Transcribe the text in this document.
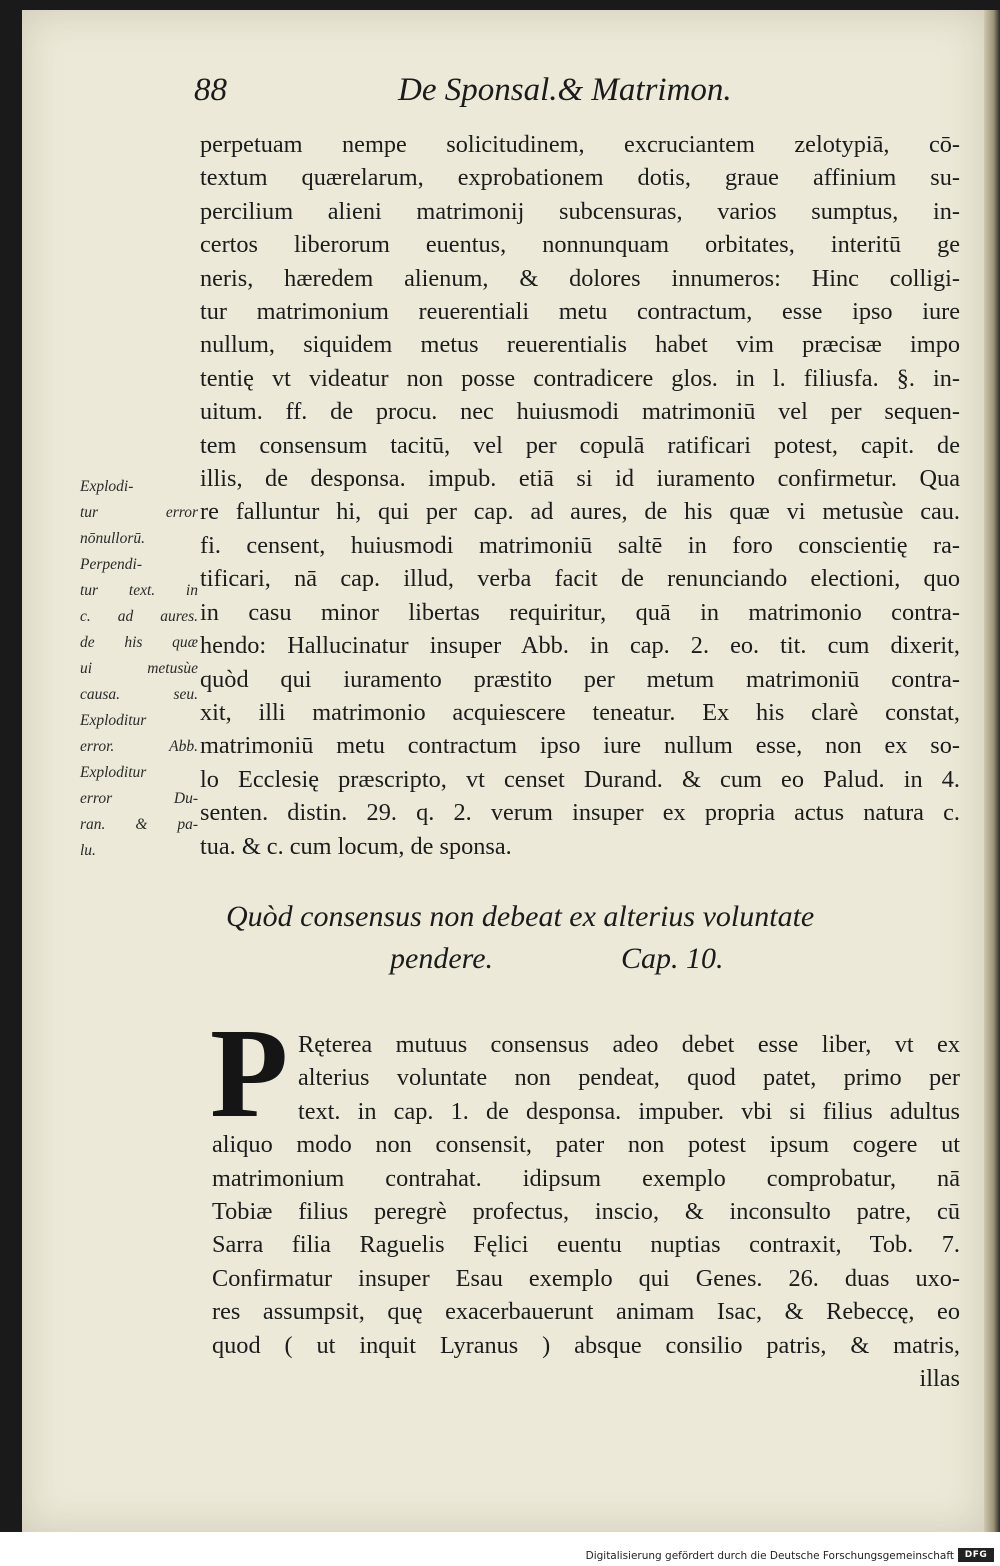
88	De Sponsal.& Matrimon.
perpetuam nempe solicitudinem, excruciantem zelotypiā, cō-
textum quærelarum, exprobationem dotis, graue affinium su-
percilium alieni matrimonij subcensuras, varios sumptus, in-
certos liberorum euentus, nonnunquam orbitates, interitū ge
neris, hæredem alienum, & dolores innumeros: Hinc colligi-
tur matrimonium reuerentiali metu contractum, esse ipso iure
nullum, siquidem metus reuerentialis habet vim præcisæ impo
tentię vt videatur non posse contradicere glos. in l. filiusfa. §. in-
uitum. ff. de procu. nec huiusmodi matrimoniū vel per sequen-
tem consensum tacitū, vel per copulā ratificari potest, capit. de
illis, de desponsa. impub. etiā si id iuramento confirmetur. Qua
re falluntur hi, qui per cap. ad aures, de his quæ vi metusùe cau.
fi. censent, huiusmodi matrimoniū saltē in foro conscientię ra-
tificari, nā cap. illud, verba facit de renunciando electioni, quo
in casu minor libertas requiritur, quā in matrimonio contra-
hendo: Hallucinatur insuper Abb. in cap. 2. eo. tit. cum dixerit,
quòd qui iuramento præstito per metum matrimoniū contra-
xit, illi matrimonio acquiescere teneatur. Ex his clarè constat,
matrimoniū metu contractum ipso iure nullum esse, non ex so-
lo Ecclesię præscripto, vt censet Durand. & cum eo Palud. in 4.
senten. distin. 29. q. 2. verum insuper ex propria actus natura c.
tua. & c. cum locum, de sponsa.
Explodi-
tur error
nōnullorū.
Perpendi-
tur text. in
c. ad aures.
de his quæ
ui metusùe
causa. seu.
Exploditur
error. Abb.
Exploditur
error Du-
ran. & pa-
lu.
Quòd consensus non debeat ex alterius voluntate
pendere.	Cap. 10.
P Rętereа mutuus consensus adeo debet esse liber, vt ex
alterius voluntate non pendeat, quod patet, primo per
text. in cap. 1. de desponsa. impuber. vbi si filius adultus
aliquo modo non consensit, pater non potest ipsum cogere ut
matrimonium contrahat. idipsum exemplo comprobatur, nā
Tobiæ filius peregrè profectus, inscio, & inconsulto patre, cū
Sarra filia Raguelis Fęlici euentu nuptias contraxit, Tob. 7.
Confirmatur insuper Esau exemplo qui Genes. 26. duas uxo-
res assumpsit, quę exacerbauerunt animam Isac, & Rebeccę, eo
quod ( ut inquit Lyranus ) absque consilio patris, & matris,
illas
Digitalisierung gefördert durch die Deutsche Forschungsgemeinschaft	DFG
